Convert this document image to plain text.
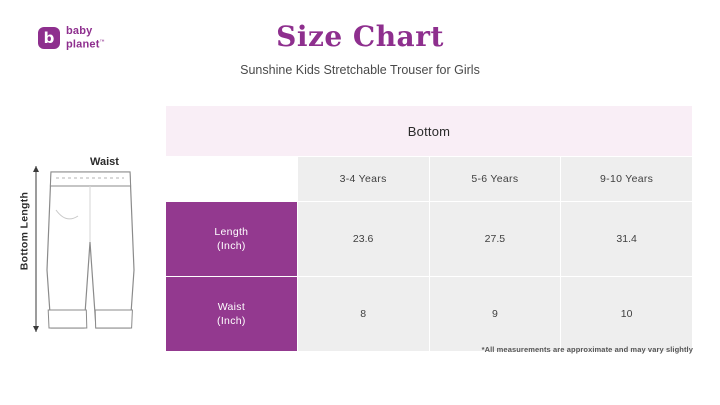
b	baby
planet™	Size Chart

Sunshine Kids Stretchable Trouser for Girls

Bottom Length
Waist
Bottom			
	3-4 Years	5-6 Years	9-10 Years

Length
(Inch)	23.6	27.5	31.4

Waist
(Inch)	8	9	10
*All measurements are approximate and may vary slightly
